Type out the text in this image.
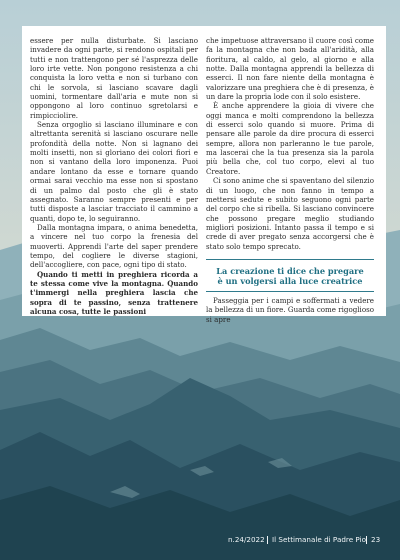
essere per nulla disturbate. Si lasciano invadere da ogni parte, si rendono ospitali per tutti e non trattengono per sé l'asprezza delle loro irte vette. Non pongono resistenza a chi conquista la loro vetta e non si turbano con chi le sorvola, si lasciano scavare dagli uomini, tormentare dall'aria e mute non si oppongono al loro continuo sgretolarsi e rimpicciolire.

Senza orgoglio si lasciano illuminare e con altrettanta serenità si lasciano oscurare nelle profondità della notte. Non si lagnano dei molti insetti, non si gloriano dei colori fiori e non si vantano della loro imponenza. Puoi andare lontano da esse e tornare quando ormai sarai vecchio ma esse non si spostano di un palmo dal posto che gli è stato assegnato. Saranno sempre presenti e per tutti disposte a lasciar tracciato il cammino a quanti, dopo te, lo seguiranno.

Dalla montagna impara, o anima benedetta, a vincere nel tuo corpo la frenesia del muoverti. Apprendi l'arte del saper prendere tempo, del cogliere le diverse stagioni, dell'accogliere, con pace, ogni tipo di stato.

Quando ti metti in preghiera ricorda a te stessa come vive la montagna. Quando t'immergi nella preghiera lascia che sopra di te passino, senza trattenere alcuna cosa, tutte le passioni

che impetuose attraversano il cuore così come fa la montagna che non bada all'aridità, alla fioritura, al caldo, al gelo, al giorno e alla notte. Dalla montagna apprendi la bellezza di esserci. Il non fare niente della montagna è valorizzare una preghiera che è di presenza, è un dare la propria lode con il solo esistere.

È anche apprendere la gioia di vivere che oggi manca e molti comprendono la bellezza di esserci solo quando si muore. Prima di pensare alle parole da dire procura di esserci sempre, allora non parleranno le tue parole, ma lascerai che la tua presenza sia la parola più bella che, col tuo corpo, elevi al tuo Creatore.

Ci sono anime che si spaventano del silenzio di un luogo, che non fanno in tempo a mettersi sedute e subito seguono ogni parte del corpo che si ribella. Si lasciano convincere che possono pregare meglio studiando migliori posizioni. Intanto passa il tempo e si crede di aver pregato senza accorgersi che è stato solo tempo sprecato.

La creazione ti dice che pregare
è un volgersi alla luce creatrice

Passeggia per i campi e soffermati a vedere la bellezza di un fiore. Guarda come rigoglioso si apre

n.24/2022 Il Settimanale di Padre Pio 23
